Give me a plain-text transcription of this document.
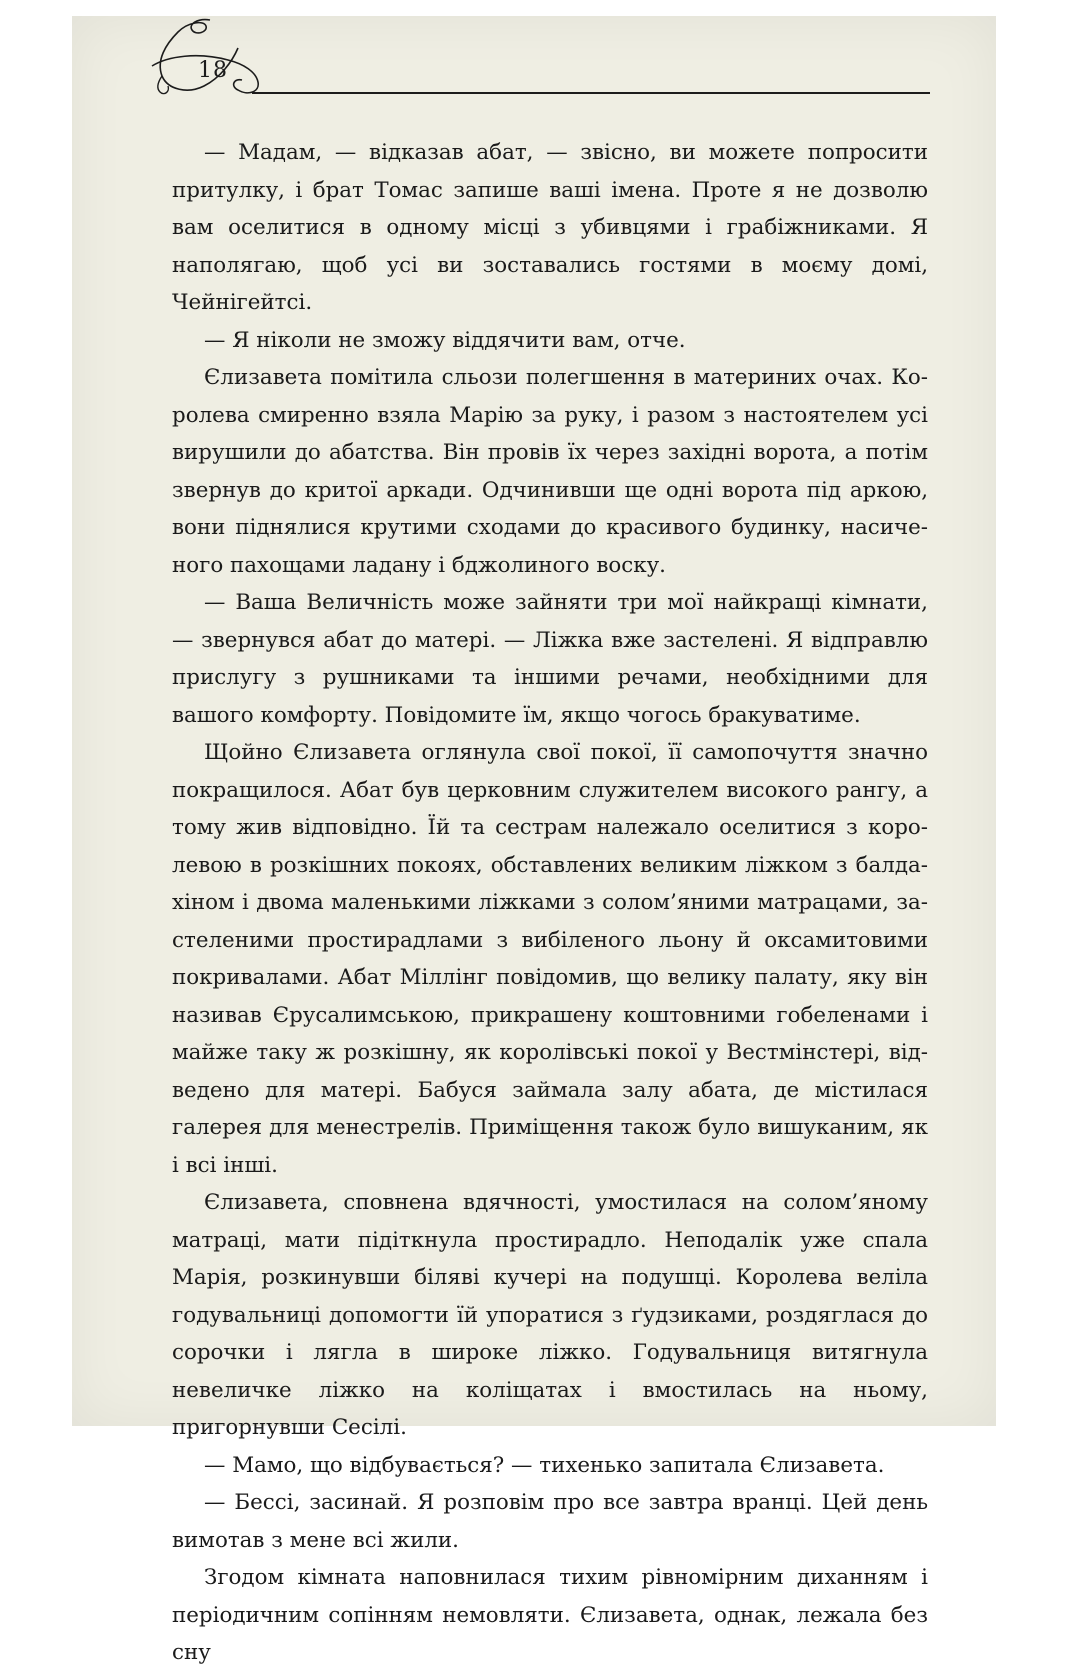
18

— Мадам, — відказав абат, — звісно, ви можете попросити притулку, і брат Томас запише ваші імена. Проте я не дозволю вам оселитися в одному місці з убивцями і грабіжниками. Я наполягаю, щоб усі ви зоставались гостями в моєму домі, Чейнігейтсі.

— Я ніколи не зможу віддячити вам, отче.

Єлизавета помітила сльози полегшення в материних очах. Королева смиренно взяла Марію за руку, і разом з настоятелем усі вирушили до абатства. Він провів їх через західні ворота, а потім звернув до критої аркади. Одчинивши ще одні ворота під аркою, вони піднялися крутими сходами до красивого будинку, насиченого пахощами ладану і бджолиного воску.

— Ваша Величність може зайняти три мої найкращі кімнати, — звернувся абат до матері. — Ліжка вже застелені. Я відправлю прислугу з рушниками та іншими речами, необхідними для вашого комфорту. Повідомите їм, якщо чогось бракуватиме.

Щойно Єлизавета оглянула свої покої, її самопочуття значно покращилося. Абат був церковним служителем високого рангу, а тому жив відповідно. Їй та сестрам належало оселитися з королевою в розкішних покоях, обставлених великим ліжком з балдахіном і двома маленькими ліжками з солом’яними матрацами, застеленими простирадлами з вибіленого льону й оксамитовими покривалами. Абат Міллінг повідомив, що велику палату, яку він називав Єрусалимською, прикрашену коштовними гобеленами і майже таку ж розкішну, як королівські покої у Вестмінстері, відведено для матері. Бабуся займала залу абата, де містилася галерея для менестрелів. Приміщення також було вишуканим, як і всі інші.

Єлизавета, сповнена вдячності, умостилася на солом’яному матраці, мати підіткнула простирадло. Неподалік уже спала Марія, розкинувши біляві кучері на подушці. Королева веліла годувальниці допомогти їй упоратися з ґудзиками, роздяглася до сорочки і лягла в широке ліжко. Годувальниця витягнула невеличке ліжко на коліщатах і вмостилась на ньому, пригорнувши Сесілі.

— Мамо, що відбувається? — тихенько запитала Єлизавета.

— Бессі, засинай. Я розповім про все завтра вранці. Цей день вимотав з мене всі жили.

Згодом кімната наповнилася тихим рівномірним диханням і періодичним сопінням немовляти. Єлизавета, однак, лежала без сну
